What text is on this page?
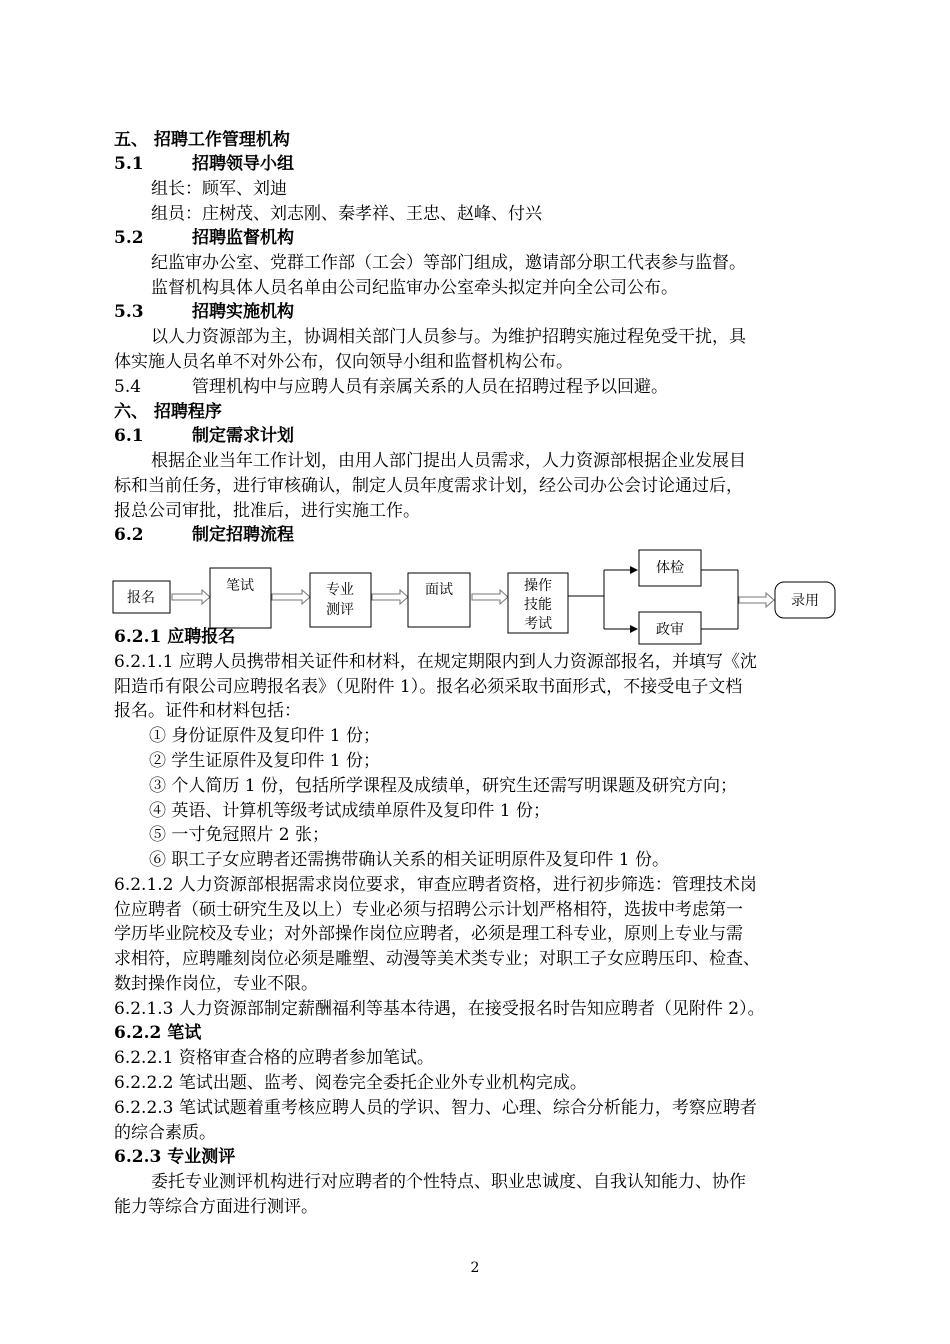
五、 招聘工作管理机构
5.1	招聘领导小组
组长：顾军、刘迪
组员：庄树茂、刘志刚、秦孝祥、王忠、赵峰、付兴
5.2	招聘监督机构
纪监审办公室、党群工作部（工会）等部门组成，邀请部分职工代表参与监督。
监督机构具体人员名单由公司纪监审办公室牵头拟定并向全公司公布。
5.3	招聘实施机构
以人力资源部为主，协调相关部门人员参与。为维护招聘实施过程免受干扰，具
体实施人员名单不对外公布，仅向领导小组和监督机构公布。
5.4	管理机构中与应聘人员有亲属关系的人员在招聘过程予以回避。
六、 招聘程序
6.1	制定需求计划
根据企业当年工作计划，由用人部门提出人员需求，人力资源部根据企业发展目
标和当前任务，进行审核确认，制定人员年度需求计划，经公司办公会讨论通过后，
报总公司审批，批准后，进行实施工作。
6.2	制定招聘流程
报名
笔试	专业
测评
面试	操作
技能
考试
体检
政审
录用
6.2.1 应聘报名
6.2.1.1 应聘人员携带相关证件和材料，在规定期限内到人力资源部报名，并填写《沈
阳造币有限公司应聘报名表》（见附件 1）。报名必须采取书面形式，不接受电子文档
报名。证件和材料包括：
① 身份证原件及复印件 1 份；
② 学生证原件及复印件 1 份；
③ 个人简历 1 份，包括所学课程及成绩单，研究生还需写明课题及研究方向；
④ 英语、计算机等级考试成绩单原件及复印件 1 份；
⑤ 一寸免冠照片 2 张；
⑥ 职工子女应聘者还需携带确认关系的相关证明原件及复印件 1 份。
6.2.1.2 人力资源部根据需求岗位要求，审查应聘者资格，进行初步筛选：管理技术岗
位应聘者（硕士研究生及以上）专业必须与招聘公示计划严格相符，选拔中考虑第一
学历毕业院校及专业；对外部操作岗位应聘者，必须是理工科专业，原则上专业与需
求相符，应聘雕刻岗位必须是雕塑、动漫等美术类专业；对职工子女应聘压印、检查、
数封操作岗位，专业不限。
6.2.1.3 人力资源部制定薪酬福利等基本待遇，在接受报名时告知应聘者（见附件 2）。
6.2.2 笔试
6.2.2.1 资格审查合格的应聘者参加笔试。
6.2.2.2 笔试出题、监考、阅卷完全委托企业外专业机构完成。
6.2.2.3 笔试试题着重考核应聘人员的学识、智力、心理、综合分析能力，考察应聘者
的综合素质。
6.2.3 专业测评
委托专业测评机构进行对应聘者的个性特点、职业忠诚度、自我认知能力、协作
能力等综合方面进行测评。
2
